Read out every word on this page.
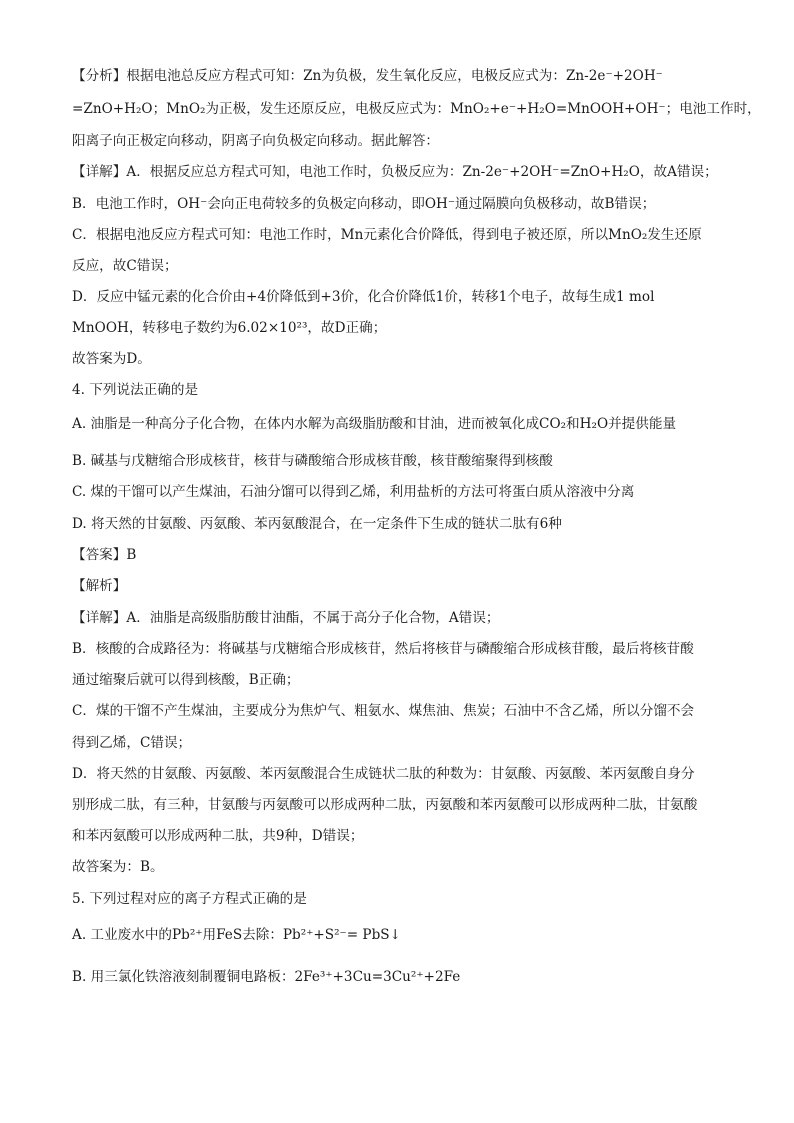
【分析】根据电池总反应方程式可知：Zn为负极，发生氧化反应，电极反应式为：Zn-2e⁻+2OH⁻
=ZnO+H₂O；MnO₂为正极，发生还原反应，电极反应式为：MnO₂+e⁻+H₂O=MnOOH+OH⁻；电池工作时，
阳离子向正极定向移动，阴离子向负极定向移动。据此解答：
【详解】A．根据反应总方程式可知，电池工作时，负极反应为：Zn-2e⁻+2OH⁻=ZnO+H₂O，故A错误；
B．电池工作时，OH⁻会向正电荷较多的负极定向移动，即OH⁻通过隔膜向负极移动，故B错误；
C．根据电池反应方程式可知：电池工作时，Mn元素化合价降低，得到电子被还原，所以MnO₂发生还原
反应，故C错误；
D．反应中锰元素的化合价由+4价降低到+3价，化合价降低1价，转移1个电子，故每生成1 mol
MnOOH，转移电子数约为6.02×10²³，故D正确；
故答案为D。
4. 下列说法正确的是
A. 油脂是一种高分子化合物，在体内水解为高级脂肪酸和甘油，进而被氧化成CO₂和H₂O并提供能量
B. 碱基与戊糖缩合形成核苷，核苷与磷酸缩合形成核苷酸，核苷酸缩聚得到核酸
C. 煤的干馏可以产生煤油，石油分馏可以得到乙烯，利用盐析的方法可将蛋白质从溶液中分离
D. 将天然的甘氨酸、丙氨酸、苯丙氨酸混合，在一定条件下生成的链状二肽有6种
【答案】B
【解析】
【详解】A．油脂是高级脂肪酸甘油酯，不属于高分子化合物，A错误；
B．核酸的合成路径为：将碱基与戊糖缩合形成核苷，然后将核苷与磷酸缩合形成核苷酸，最后将核苷酸
通过缩聚后就可以得到核酸，B正确；
C．煤的干馏不产生煤油，主要成分为焦炉气、粗氨水、煤焦油、焦炭；石油中不含乙烯，所以分馏不会
得到乙烯，C错误；
D．将天然的甘氨酸、丙氨酸、苯丙氨酸混合生成链状二肽的种数为：甘氨酸、丙氨酸、苯丙氨酸自身分
别形成二肽，有三种，甘氨酸与丙氨酸可以形成两种二肽，丙氨酸和苯丙氨酸可以形成两种二肽，甘氨酸
和苯丙氨酸可以形成两种二肽，共9种，D错误；
故答案为：B。
5. 下列过程对应的离子方程式正确的是
A. 工业废水中的Pb²⁺用FeS去除：Pb²⁺+S²⁻= PbS↓
B. 用三氯化铁溶液刻制覆铜电路板：2Fe³⁺+3Cu=3Cu²⁺+2Fe
